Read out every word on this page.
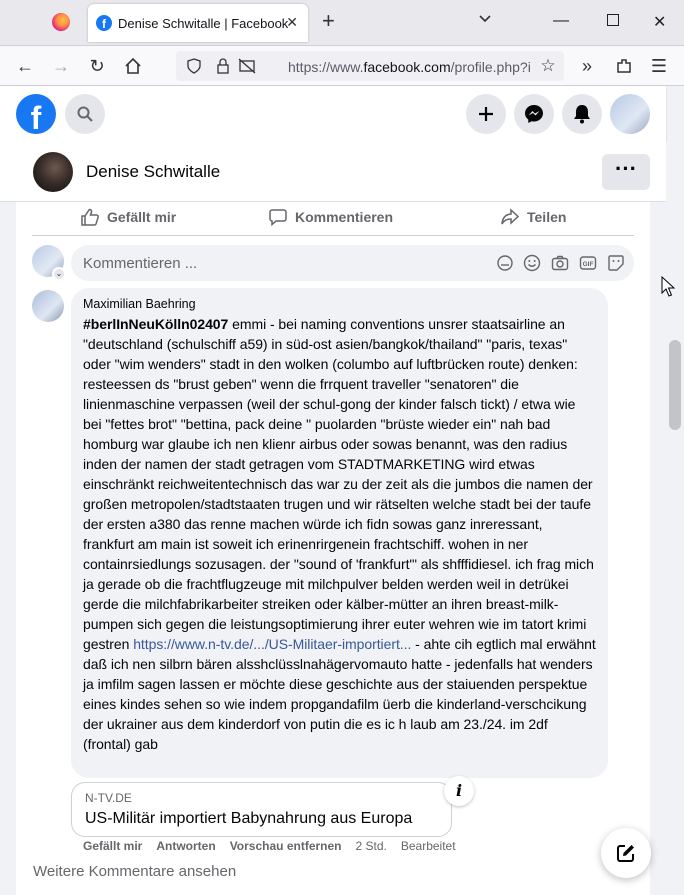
f Denise Schwitalle | Facebook
✕ +	—	✕
← → ↻	https://www.facebook.com/profile.php?i ☆	»	☰
f
Denise Schwitalle	···
Gefällt mir	Kommentieren	Teilen
⌄
Kommentieren ...	GIF
Maximilian Baehring
#berlInNeuKölln02407 emmi - bei naming conventions unsrer staatsairline an "deutschland (schulschiff a59) in süd-ost asien/bangkok/thailand" "paris, texas" oder "wim wenders" stadt in den wolken (columbo auf luftbrücken route) denken: resteessen ds "brust geben" wenn die frrquent traveller "senatoren" die linienmaschine verpassen (weil der schul-gong der kinder falsch tickt) / etwa wie bei "fettes brot" "bettina, pack deine " puolarden "brüste wieder ein" nah bad homburg war glaube ich nen klienr airbus oder sowas benannt, was den radius inden der namen der stadt getragen vom STADTMARKETING wird etwas einschränkt reichweitentechnisch das war zu der zeit als die jumbos die namen der großen metropolen/stadtstaaten trugen und wir rätselten welche stadt bei der taufe der ersten a380 das renne machen würde ich fidn sowas ganz inreressant, frankfurt am main ist soweit ich erinenrirgenein frachtschiff. wohen in ner containrsiedlungs sozusagen. der "sound of 'frankfurt'" als shfffidiesel. ich frag mich ja gerade ob die frachtflugzeuge mit milchpulver belden werden weil in detrükei gerde die milchfabrikarbeiter streiken oder kälber-mütter an ihren breast-milk-pumpen sich gegen die leistungsoptimierung ihrer euter wehren wie im tatort krimi gestren https://www.n-tv.de/.../US-Militaer-importiert... - ahte cih egtlich mal erwähnt daß ich nen silbrn bären alsshclüsslnahägervomauto hatte - jedenfalls hat wenders ja imfilm sagen lassen er möchte diese geschichte aus der staiuenden perspektue eines kindes sehen so wie indem propgandafilm üerb die kinderland-verschcikung der ukrainer aus dem kinderdorf von putin die es ic h laub am 23./24. im 2df (frontal) gab
N-TV.DE
US-Militär importiert Babynahrung aus Europa
i
Gefällt mir Antworten Vorschau entfernen 2 Std. Bearbeitet
Weitere Kommentare ansehen
